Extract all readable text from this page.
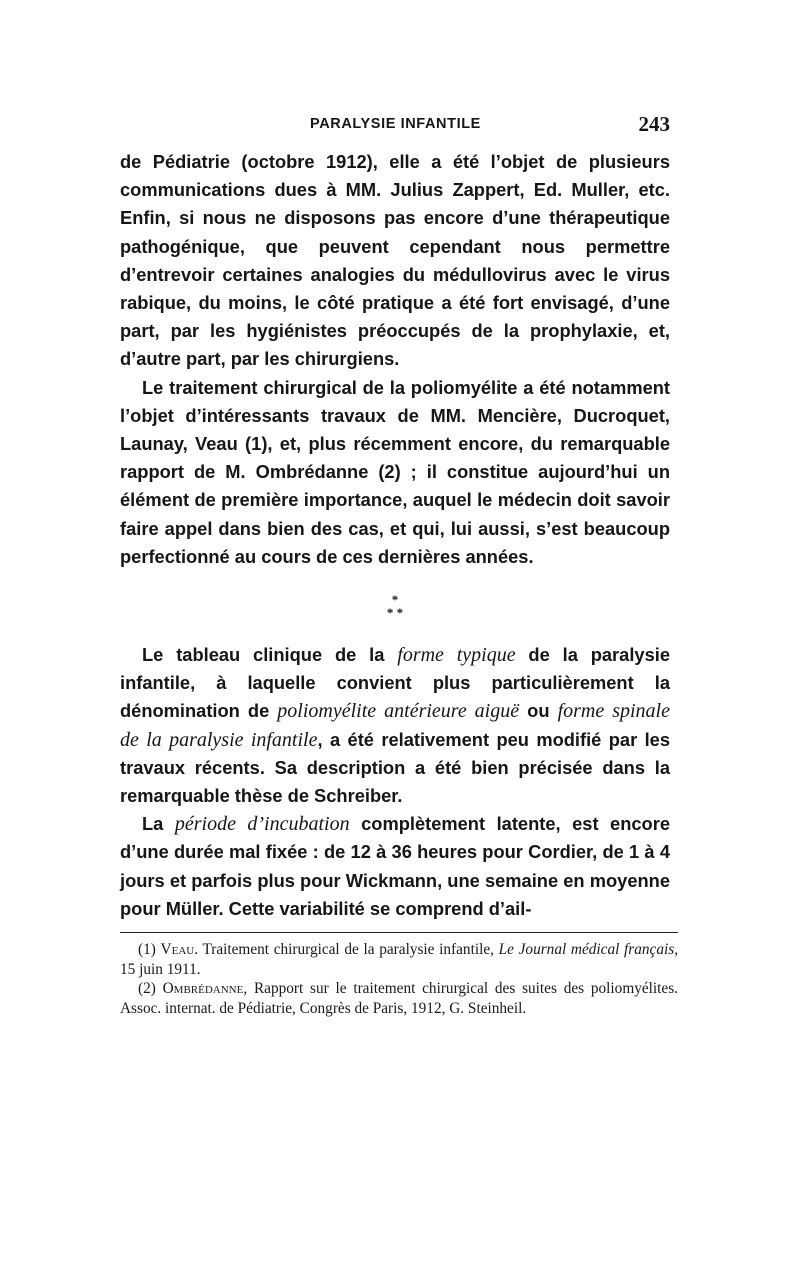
PARALYSIE INFANTILE	243

de Pédiatrie (octobre 1912), elle a été l’objet de plusieurs communications dues à MM. Julius Zappert, Ed. Muller, etc. Enfin, si nous ne disposons pas encore d’une thérapeutique pathogénique, que peuvent cependant nous permettre d’entrevoir certaines analogies du médullovirus avec le virus rabique, du moins, le côté pratique a été fort envisagé, d’une part, par les hygiénistes préoccupés de la prophylaxie, et, d’autre part, par les chirurgiens.

Le traitement chirurgical de la poliomyélite a été notamment l’objet d’intéressants travaux de MM. Mencière, Ducroquet, Launay, Veau (1), et, plus récemment encore, du remarquable rapport de M. Ombrédanne (2) ; il constitue aujourd’hui un élément de première importance, auquel le médecin doit savoir faire appel dans bien des cas, et qui, lui aussi, s’est beaucoup perfectionné au cours de ces dernières années.

*
* *

Le tableau clinique de la forme typique de la paralysie infantile, à laquelle convient plus particulièrement la dénomination de poliomyélite antérieure aiguë ou forme spinale de la paralysie infantile, a été relativement peu modifié par les travaux récents. Sa description a été bien précisée dans la remarquable thèse de Schreiber.

La période d’incubation complètement latente, est encore d’une durée mal fixée : de 12 à 36 heures pour Cordier, de 1 à 4 jours et parfois plus pour Wickmann, une semaine en moyenne pour Müller. Cette variabilité se comprend d’ail-

(1) Veau. Traitement chirurgical de la paralysie infantile, Le Journal médical français, 15 juin 1911.

(2) Ombrédanne, Rapport sur le traitement chirurgical des suites des poliomyélites. Assoc. internat. de Pédiatrie, Congrès de Paris, 1912, G. Steinheil.
